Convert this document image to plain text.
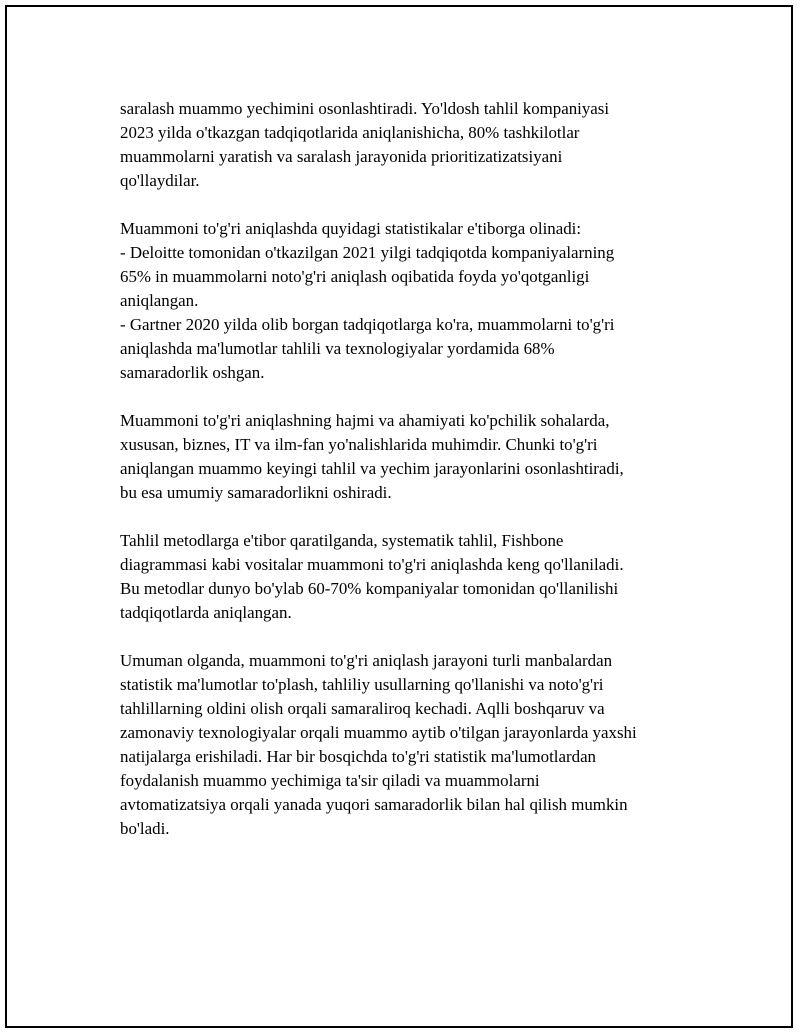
saralash muammo yechimini osonlashtiradi. Yo'ldosh tahlil kompaniyasi
2023 yilda o'tkazgan tadqiqotlarida aniqlanishicha, 80% tashkilotlar
muammolarni yaratish va saralash jarayonida prioritizatizatsiyani
qo'llaydilar.

Muammoni to'g'ri aniqlashda quyidagi statistikalar e'tiborga olinadi:
- Deloitte tomonidan o'tkazilgan 2021 yilgi tadqiqotda kompaniyalarning
65% in muammolarni noto'g'ri aniqlash oqibatida foyda yo'qotganligi
aniqlangan.
- Gartner 2020 yilda olib borgan tadqiqotlarga ko'ra, muammolarni to'g'ri
aniqlashda ma'lumotlar tahlili va texnologiyalar yordamida 68%
samaradorlik oshgan.

Muammoni to'g'ri aniqlashning hajmi va ahamiyati ko'pchilik sohalarda,
xususan, biznes, IT va ilm-fan yo'nalishlarida muhimdir. Chunki to'g'ri
aniqlangan muammo keyingi tahlil va yechim jarayonlarini osonlashtiradi,
bu esa umumiy samaradorlikni oshiradi.

Tahlil metodlarga e'tibor qaratilganda, systematik tahlil, Fishbone
diagrammasi kabi vositalar muammoni to'g'ri aniqlashda keng qo'llaniladi.
Bu metodlar dunyo bo'ylab 60-70% kompaniyalar tomonidan qo'llanilishi
tadqiqotlarda aniqlangan.

Umuman olganda, muammoni to'g'ri aniqlash jarayoni turli manbalardan
statistik ma'lumotlar to'plash, tahliliy usullarning qo'llanishi va noto'g'ri
tahlillarning oldini olish orqali samaraliroq kechadi. Aqlli boshqaruv va
zamonaviy texnologiyalar orqali muammo aytib o'tilgan jarayonlarda yaxshi
natijalarga erishiladi. Har bir bosqichda to'g'ri statistik ma'lumotlardan
foydalanish muammo yechimiga ta'sir qiladi va muammolarni
avtomatizatsiya orqali yanada yuqori samaradorlik bilan hal qilish mumkin
bo'ladi.
